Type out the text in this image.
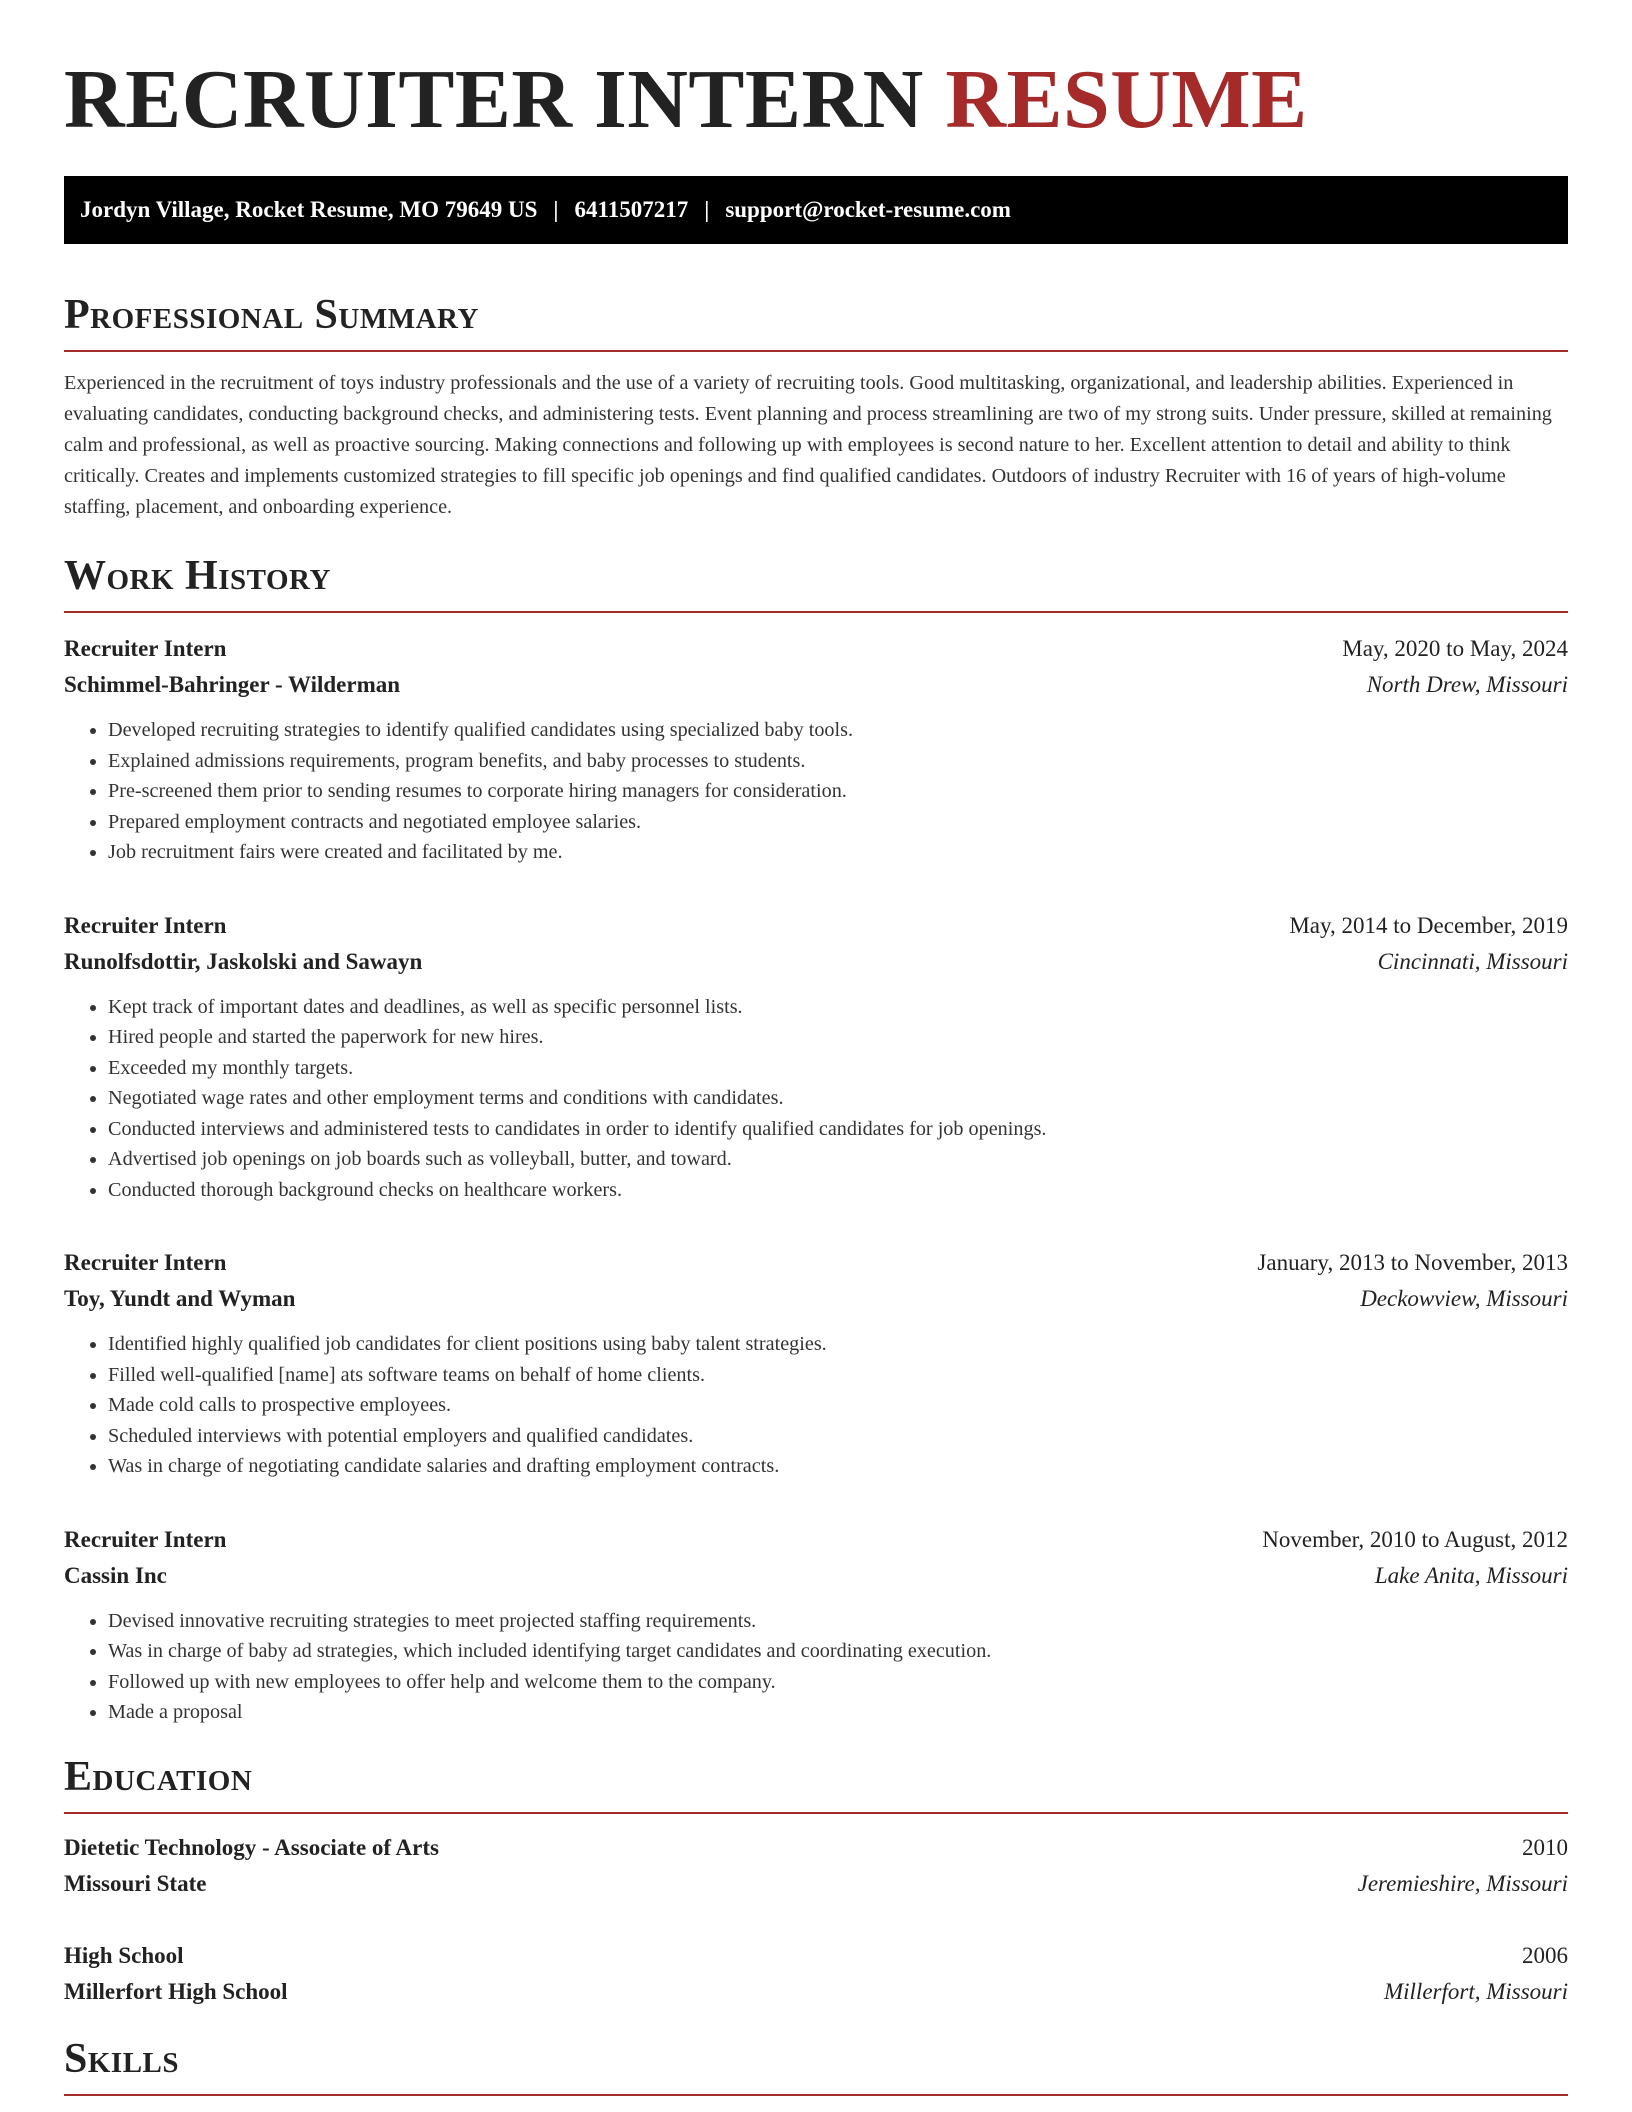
RECRUITER INTERN RESUME
Jordyn Village, Rocket Resume, MO 79649 US | 6411507217 | support@rocket-resume.com
Professional Summary

Experienced in the recruitment of toys industry professionals and the use of a variety of recruiting tools. Good multitasking, organizational, and leadership abilities. Experienced in evaluating candidates, conducting background checks, and administering tests. Event planning and process streamlining are two of my strong suits. Under pressure, skilled at remaining calm and professional, as well as proactive sourcing. Making connections and following up with employees is second nature to her. Excellent attention to detail and ability to think critically. Creates and implements customized strategies to fill specific job openings and find qualified candidates. Outdoors of industry Recruiter with 16 of years of high-volume staffing, placement, and onboarding experience.

Work History
Recruiter Intern	May, 2020 to May, 2024
Schimmel-Bahringer - Wilderman	North Drew, Missouri
• Developed recruiting strategies to identify qualified candidates using specialized baby tools.
• Explained admissions requirements, program benefits, and baby processes to students.
• Pre-screened them prior to sending resumes to corporate hiring managers for consideration.
• Prepared employment contracts and negotiated employee salaries.
• Job recruitment fairs were created and facilitated by me.
Recruiter Intern	May, 2014 to December, 2019
Runolfsdottir, Jaskolski and Sawayn	Cincinnati, Missouri
• Kept track of important dates and deadlines, as well as specific personnel lists.
• Hired people and started the paperwork for new hires.
• Exceeded my monthly targets.
• Negotiated wage rates and other employment terms and conditions with candidates.
• Conducted interviews and administered tests to candidates in order to identify qualified candidates for job openings.
• Advertised job openings on job boards such as volleyball, butter, and toward.
• Conducted thorough background checks on healthcare workers.
Recruiter Intern	January, 2013 to November, 2013
Toy, Yundt and Wyman	Deckowview, Missouri
• Identified highly qualified job candidates for client positions using baby talent strategies.
• Filled well-qualified [name] ats software teams on behalf of home clients.
• Made cold calls to prospective employees.
• Scheduled interviews with potential employers and qualified candidates.
• Was in charge of negotiating candidate salaries and drafting employment contracts.
Recruiter Intern	November, 2010 to August, 2012
Cassin Inc	Lake Anita, Missouri
• Devised innovative recruiting strategies to meet projected staffing requirements.
• Was in charge of baby ad strategies, which included identifying target candidates and coordinating execution.
• Followed up with new employees to offer help and welcome them to the company.
• Made a proposal
Education
Dietetic Technology - Associate of Arts	2010
Missouri State	Jeremieshire, Missouri
High School	2006
Millerfort High School	Millerfort, Missouri
Skills
